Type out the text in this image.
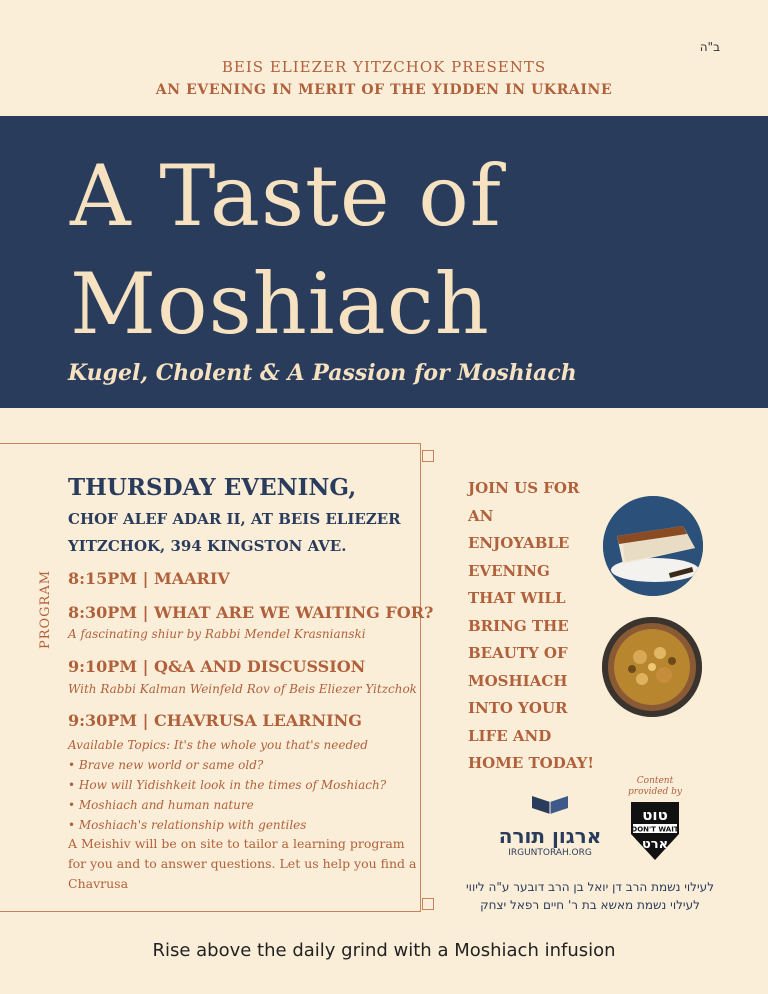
ב"ה
BEIS ELIEZER YITZCHOK PRESENTS
AN EVENING IN MERIT OF THE YIDDEN IN UKRAINE
A Taste of
Moshiach
Kugel, Cholent & A Passion for Moshiach
THURSDAY EVENING,
CHOF ALEF ADAR II, AT BEIS ELIEZER
YITZCHOK, 394 KINGSTON AVE.
PROGRAM 8:15PM | MAARIV
8:30PM | WHAT ARE WE WAITING FOR?
A fascinating shiur by Rabbi Mendel Krasnianski
9:10PM | Q&A AND DISCUSSION
With Rabbi Kalman Weinfeld Rov of Beis Eliezer Yitzchok
9:30PM | CHAVRUSA LEARNING
Available Topics: It's the whole you that's needed
• Brave new world or same old?
• How will Yidishkeit look in the times of Moshiach?
• Moshiach and human nature
• Moshiach's relationship with gentiles
A Meishiv will be on site to tailor a learning program for you and to answer questions. Let us help you find a Chavrusa
JOIN US FOR AN
ENJOYABLE
EVENING
THAT WILL
BRING THE
BEAUTY OF
MOSHIACH
INTO YOUR
LIFE AND
HOME TODAY!
Content provided by
ארגון תורה
IRGUNTORAH.ORG
טוט
DON'T WAIT
ארט
לעילוי נשמת הרב דן יואל בן הרב דובער ע"ה ליווי
לעילוי נשמת מאשא בת ר' חיים רפאל יצחק
Rise above the daily grind with a Moshiach infusion
